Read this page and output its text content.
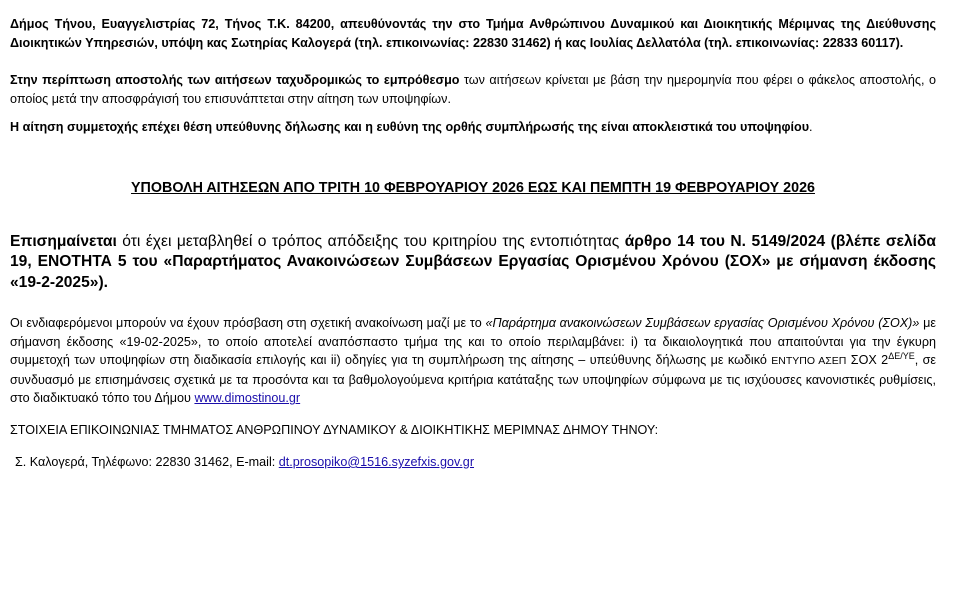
Δήμος Τήνου, Ευαγγελιστρίας 72, Τήνος Τ.Κ. 84200, απευθύνοντάς την στο Τμήμα Ανθρώπινου Δυναμικού και Διοικητικής Μέριμνας της Διεύθυνσης Διοικητικών Υπηρεσιών, υπόψη κας Σωτηρίας Καλογερά (τηλ. επικοινωνίας: 22830 31462) ή κας Ιουλίας Δελλατόλα (τηλ. επικοινωνίας: 22833 60117).

Στην περίπτωση αποστολής των αιτήσεων ταχυδρομικώς το εμπρόθεσμο των αιτήσεων κρίνεται με βάση την ημερομηνία που φέρει ο φάκελος αποστολής, ο οποίος μετά την αποσφράγισή του επισυνάπτεται στην αίτηση των υποψηφίων.

Η αίτηση συμμετοχής επέχει θέση υπεύθυνης δήλωσης και η ευθύνη της ορθής συμπλήρωσής της είναι αποκλειστικά του υποψηφίου.

ΥΠΟΒΟΛΗ ΑΙΤΗΣΕΩΝ ΑΠΟ ΤΡΙΤΗ 10 ΦΕΒΡΟΥΑΡΙΟΥ 2026 ΕΩΣ ΚΑΙ ΠΕΜΠΤΗ 19 ΦΕΒΡΟΥΑΡΙΟΥ 2026

Επισημαίνεται ότι έχει μεταβληθεί ο τρόπος απόδειξης του κριτηρίου της εντοπιότητας άρθρο 14 του Ν. 5149/2024 (βλέπε σελίδα 19, ΕΝΟΤΗΤΑ 5 του «Παραρτήματος Ανακοινώσεων Συμβάσεων Εργασίας Ορισμένου Χρόνου (ΣΟΧ» με σήμανση έκδοσης «19-2-2025»).

Οι ενδιαφερόμενοι μπορούν να έχουν πρόσβαση στη σχετική ανακοίνωση μαζί με το «Παράρτημα ανακοινώσεων Συμβάσεων εργασίας Ορισμένου Χρόνου (ΣΟΧ)» με σήμανση έκδοσης «19-02-2025», το οποίο αποτελεί αναπόσπαστο τμήμα της και το οποίο περιλαμβάνει: i) τα δικαιολογητικά που απαιτούνται για την έγκυρη συμμετοχή των υποψηφίων στη διαδικασία επιλογής και ii) οδηγίες για τη συμπλήρωση της αίτησης – υπεύθυνης δήλωσης με κωδικό ΕΝΤΥΠΟ ΑΣΕΠ ΣΟΧ $2^{\Delta E/\Upsilon E}$, σε συνδυασμό με επισημάνσεις σχετικά με τα προσόντα και τα βαθμολογούμενα κριτήρια κατάταξης των υποψηφίων σύμφωνα με τις ισχύουσες κανονιστικές ρυθμίσεις, στο διαδικτυακό τόπο του Δήμου www.dimostinou.gr

ΣΤΟΙΧΕΙΑ ΕΠΙΚΟΙΝΩΝΙΑΣ ΤΜΗΜΑΤΟΣ ΑΝΘΡΩΠΙΝΟΥ ΔΥΝΑΜΙΚΟΥ & ΔΙΟΙΚΗΤΙΚΗΣ ΜΕΡΙΜΝΑΣ ΔΗΜΟΥ ΤΗΝΟΥ:

Σ. Καλογερά, Τηλέφωνο: 22830 31462, E-mail: dt.prosopiko@1516.syzefxis.gov.gr
